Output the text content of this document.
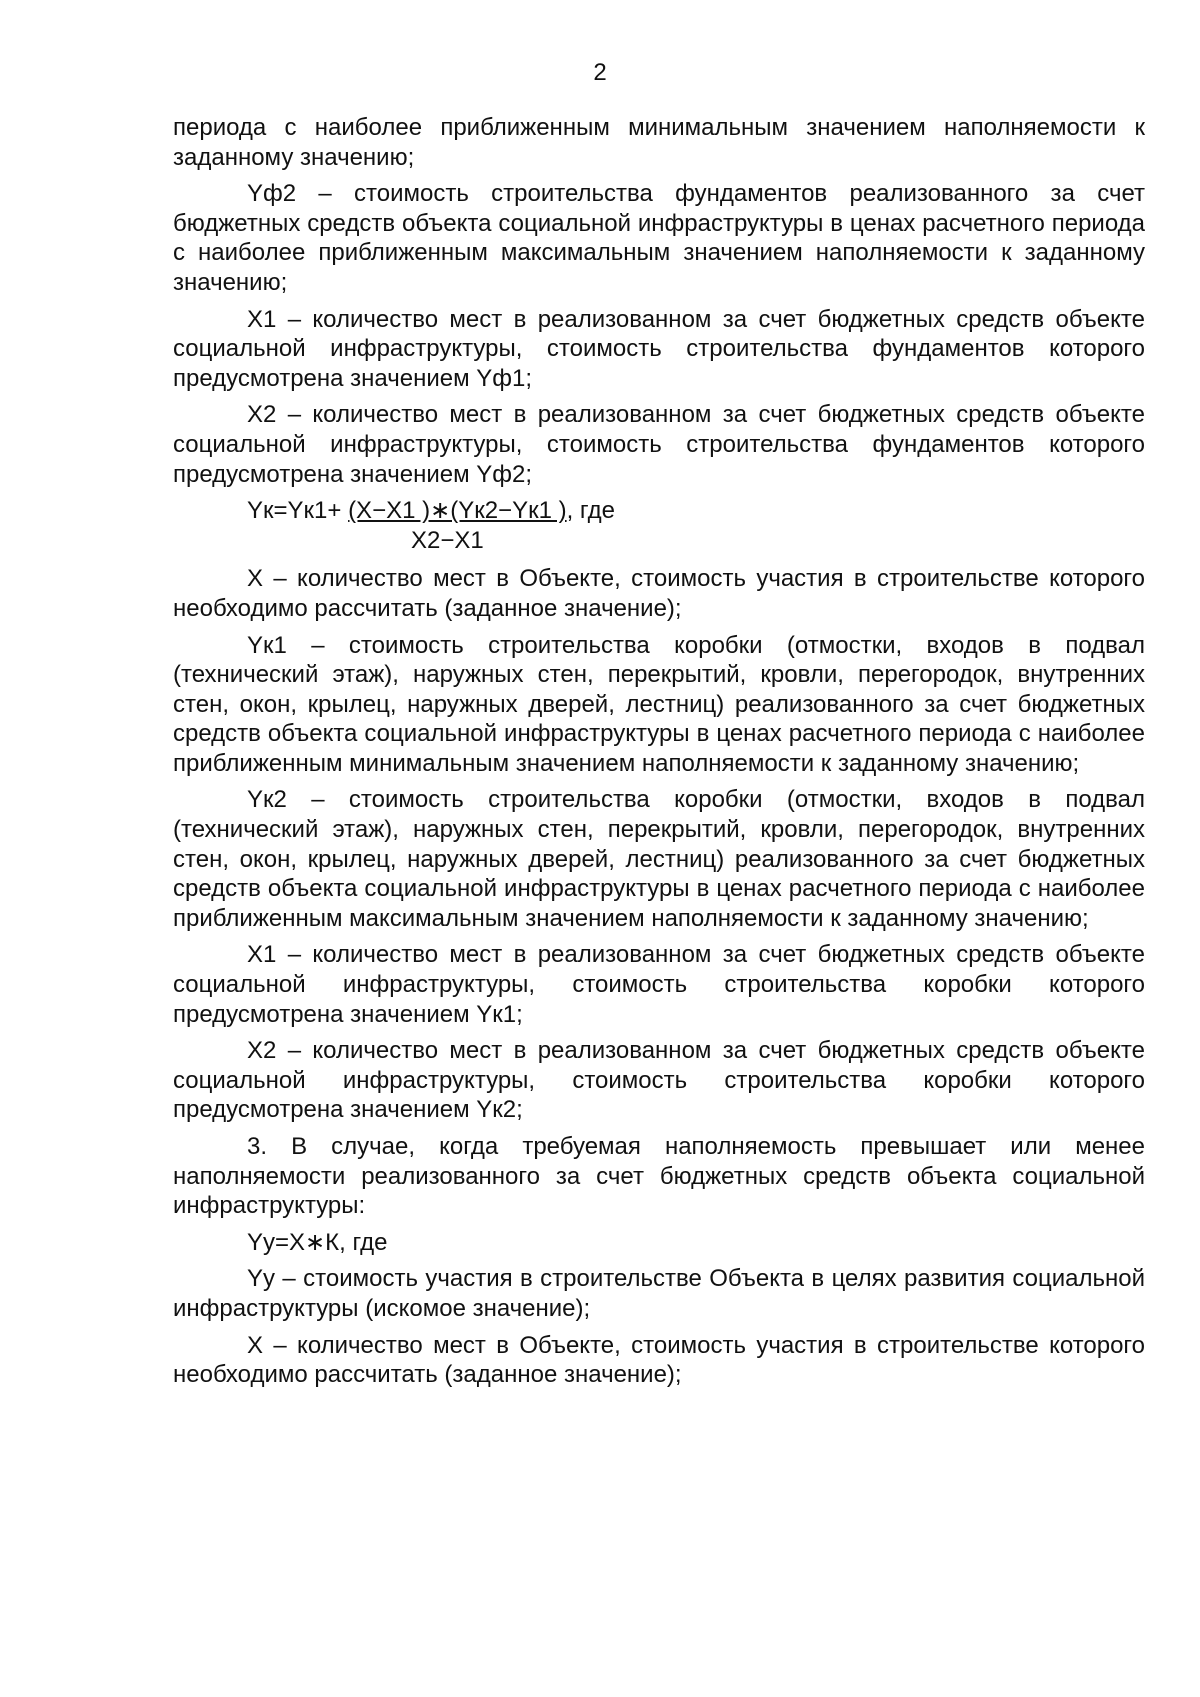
2

периода с наиболее приближенным минимальным значением наполняемости к заданному значению;

Yф2 – стоимость строительства фундаментов реализованного за счет бюджетных средств объекта социальной инфраструктуры в ценах расчетного периода с наиболее приближенным максимальным значением наполняемости к заданному значению;

X1 – количество мест в реализованном за счет бюджетных средств объекте социальной инфраструктуры, стоимость строительства фундаментов которого предусмотрена значением Yф1;

X2 – количество мест в реализованном за счет бюджетных средств объекте социальной инфраструктуры, стоимость строительства фундаментов которого предусмотрена значением Yф2;

Yк=Yк1+ (X−X1 )∗(Yк2−Yк1 ), где
X2−X1

X – количество мест в Объекте, стоимость участия в строительстве которого необходимо рассчитать (заданное значение);

Yк1 – стоимость строительства коробки (отмостки, входов в подвал (технический этаж), наружных стен, перекрытий, кровли, перегородок, внутренних стен, окон, крылец, наружных дверей, лестниц) реализованного за счет бюджетных средств объекта социальной инфраструктуры в ценах расчетного периода с наиболее приближенным минимальным значением наполняемости к заданному значению;

Yк2 – стоимость строительства коробки (отмостки, входов в подвал (технический этаж), наружных стен, перекрытий, кровли, перегородок, внутренних стен, окон, крылец, наружных дверей, лестниц) реализованного за счет бюджетных средств объекта социальной инфраструктуры в ценах расчетного периода с наиболее приближенным максимальным значением наполняемости к заданному значению;

X1 – количество мест в реализованном за счет бюджетных средств объекте социальной инфраструктуры, стоимость строительства коробки которого предусмотрена значением Yк1;

X2 – количество мест в реализованном за счет бюджетных средств объекте социальной инфраструктуры, стоимость строительства коробки которого предусмотрена значением Yк2;

3. В случае, когда требуемая наполняемость превышает или менее наполняемости реализованного за счет бюджетных средств объекта социальной инфраструктуры:

Yу=X∗К, где

Yу – стоимость участия в строительстве Объекта в целях развития социальной инфраструктуры (искомое значение);

X – количество мест в Объекте, стоимость участия в строительстве которого необходимо рассчитать (заданное значение);
